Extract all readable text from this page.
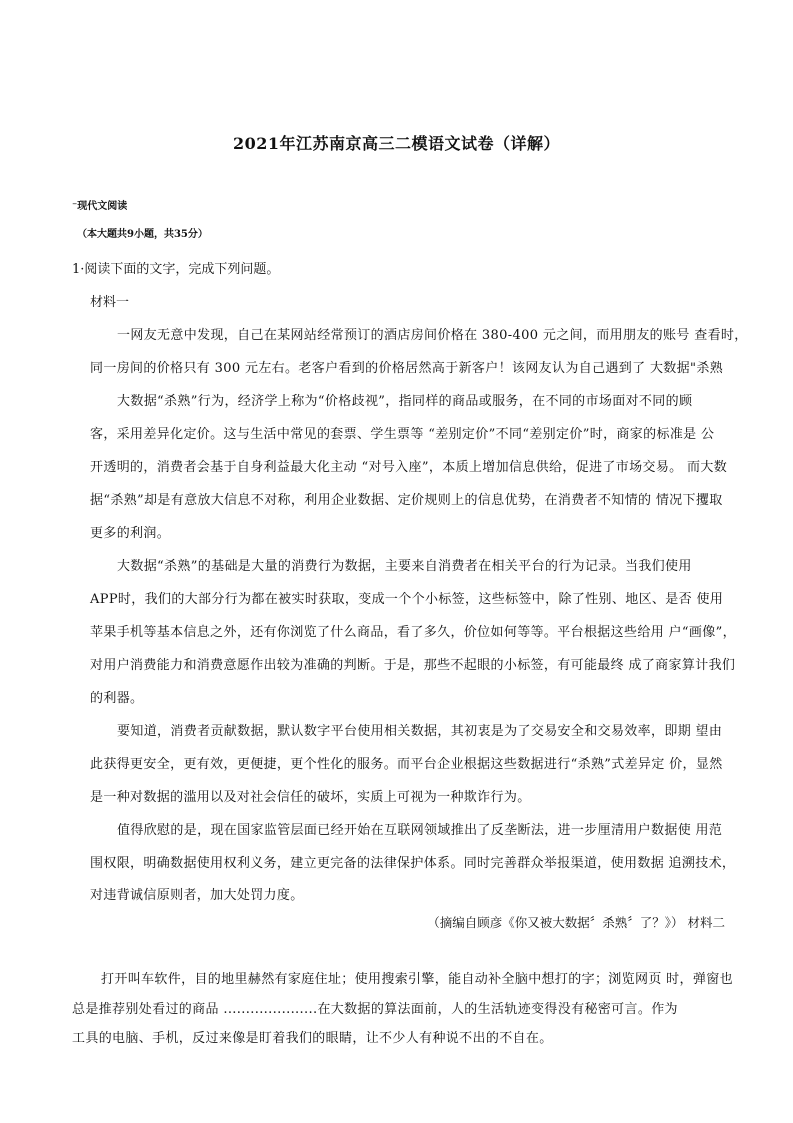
2021年江苏南京高三二模语文试卷（详解）
⁻现代文阅读
（本大题共9小题，共35分）
1·阅读下面的文字，完成下列问题。
材料一
一网友无意中发现，自己在某网站经常预订的酒店房间价格在 380-400 元之间，而用朋友的账号 查看时，
同一房间的价格只有 300 元左右。老客户看到的价格居然高于新客户！该网友认为自己遇到了 大数据"杀熟
大数据“杀熟”行为，经济学上称为“价格歧视”，指同样的商品或服务，在不同的市场面对不同的顾
客，采用差异化定价。这与生活中常见的套票、学生票等 “差别定价”不同“差别定价”时，商家的标准是 公
开透明的，消费者会基于自身利益最大化主动 “对号入座”，本质上增加信息供给，促进了市场交易。 而大数
据“杀熟”却是有意放大信息不对称，利用企业数据、定价规则上的信息优势，在消费者不知情的 情况下攫取
更多的利润。
大数据“杀熟”的基础是大量的消费行为数据，主要来自消费者在相关平台的行为记录。当我们使用
APP时，我们的大部分行为都在被实时获取，变成一个个小标签，这些标签中，除了性别、地区、是否 使用
苹果手机等基本信息之外，还有你浏览了什么商品，看了多久，价位如何等等。平台根据这些给用 户“画像”，
对用户消费能力和消费意愿作出较为准确的判断。于是，那些不起眼的小标签，有可能最终 成了商家算计我们
的利器。
要知道，消费者贡献数据，默认数字平台使用相关数据，其初衷是为了交易安全和交易效率，即期 望由
此获得更安全，更有效，更便捷，更个性化的服务。而平台企业根据这些数据进行“杀熟”式差异定 价，显然
是一种对数据的滥用以及对社会信任的破坏，实质上可视为一种欺诈行为。
值得欣慰的是，现在国家监管层面已经开始在互联网领域推出了反垄断法，进一步厘清用户数据使 用范
围权限，明确数据使用权利义务，建立更完备的法律保护体系。同时完善群众举报渠道，使用数据 追溯技术，
对违背诚信原则者，加大处罚力度。
（摘编自顾彦《你又被大数据〞杀熟〞了？》） 材料二
打开叫车软件，目的地里赫然有家庭住址；使用搜索引擎，能自动补全脑中想打的字；浏览网页 时，弹窗也
总是推荐别处看过的商品 .....................在大数据的算法面前，人的生活轨迹变得没有秘密可言。作为
工具的电脑、手机，反过来像是盯着我们的眼睛，让不少人有种说不出的不自在。
